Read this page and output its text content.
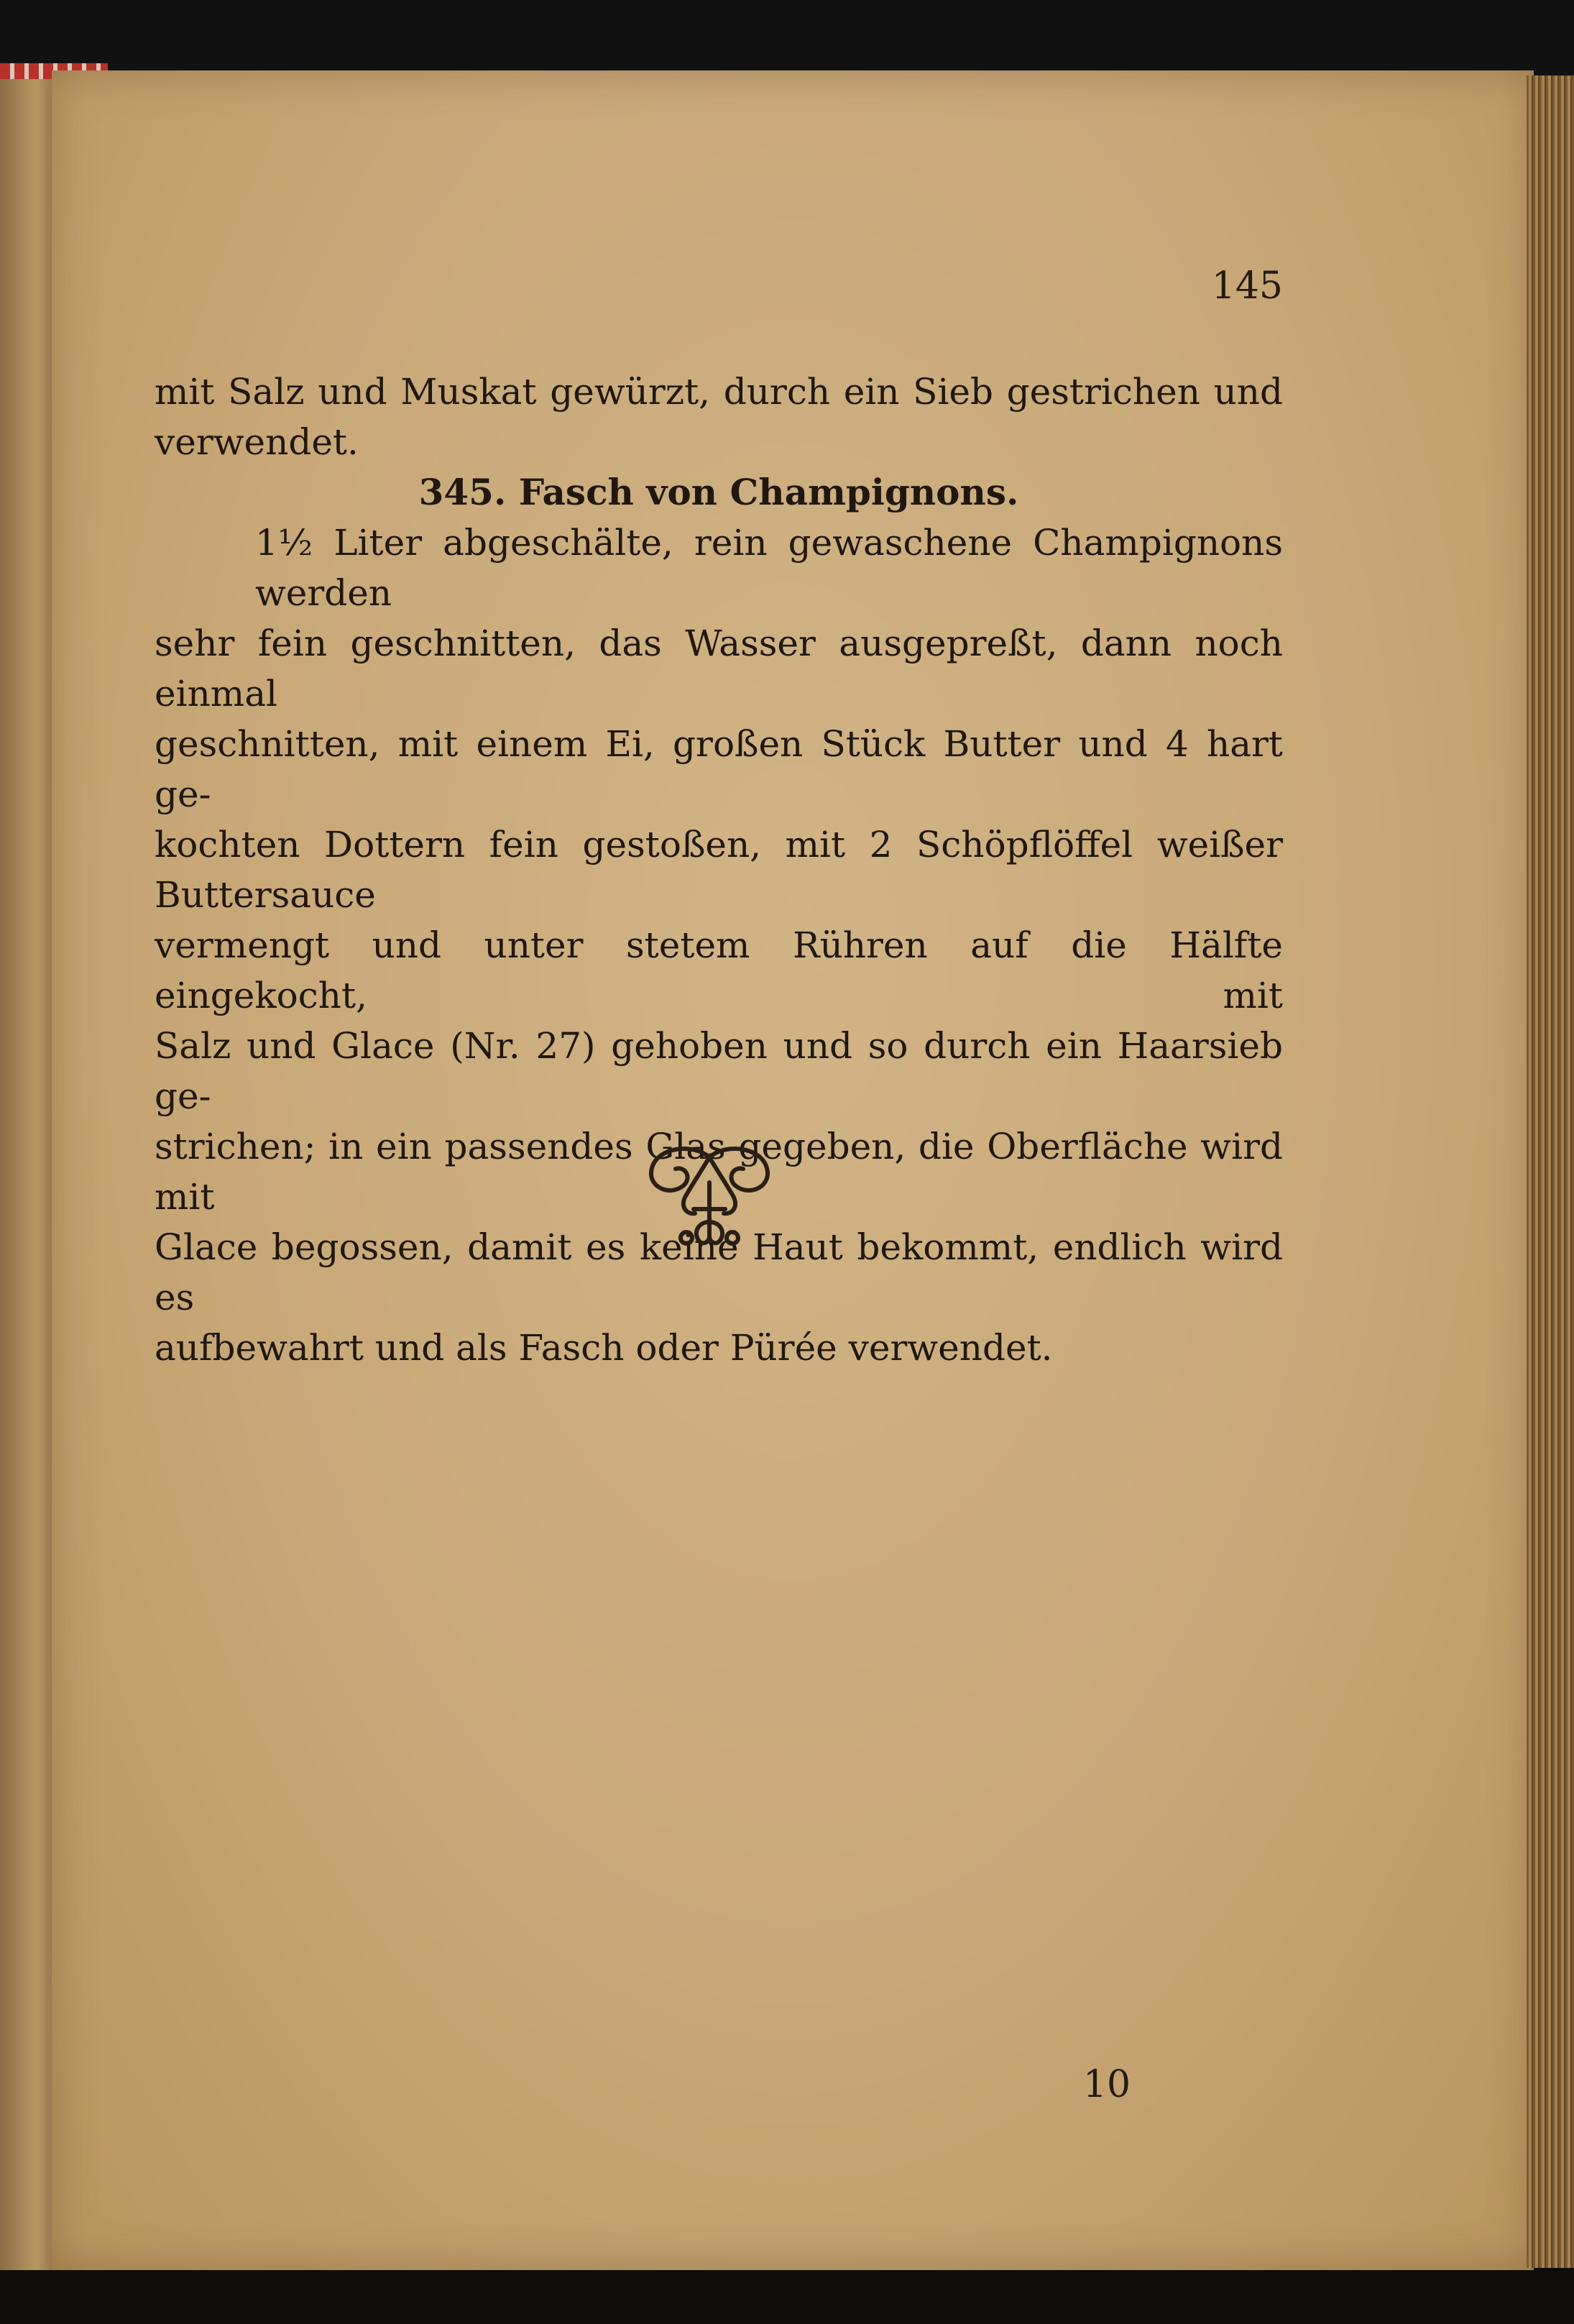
145
mit Salz und Muskat gewürzt, durch ein Sieb gestrichen und
verwendet.
345. Fasch von Champignons.
1½ Liter abgeschälte, rein gewaschene Champignons werden
sehr fein geschnitten, das Wasser ausgepreßt, dann noch einmal
geschnitten, mit einem Ei, großen Stück Butter und 4 hart ge-
kochten Dottern fein gestoßen, mit 2 Schöpflöffel weißer Buttersauce
vermengt und unter stetem Rühren auf die Hälfte eingekocht, mit
Salz und Glace (Nr. 27) gehoben und so durch ein Haarsieb ge-
strichen; in ein passendes Glas gegeben, die Oberfläche wird mit
Glace begossen, damit es keine Haut bekommt, endlich wird es
aufbewahrt und als Fasch oder Pürée verwendet.
10
